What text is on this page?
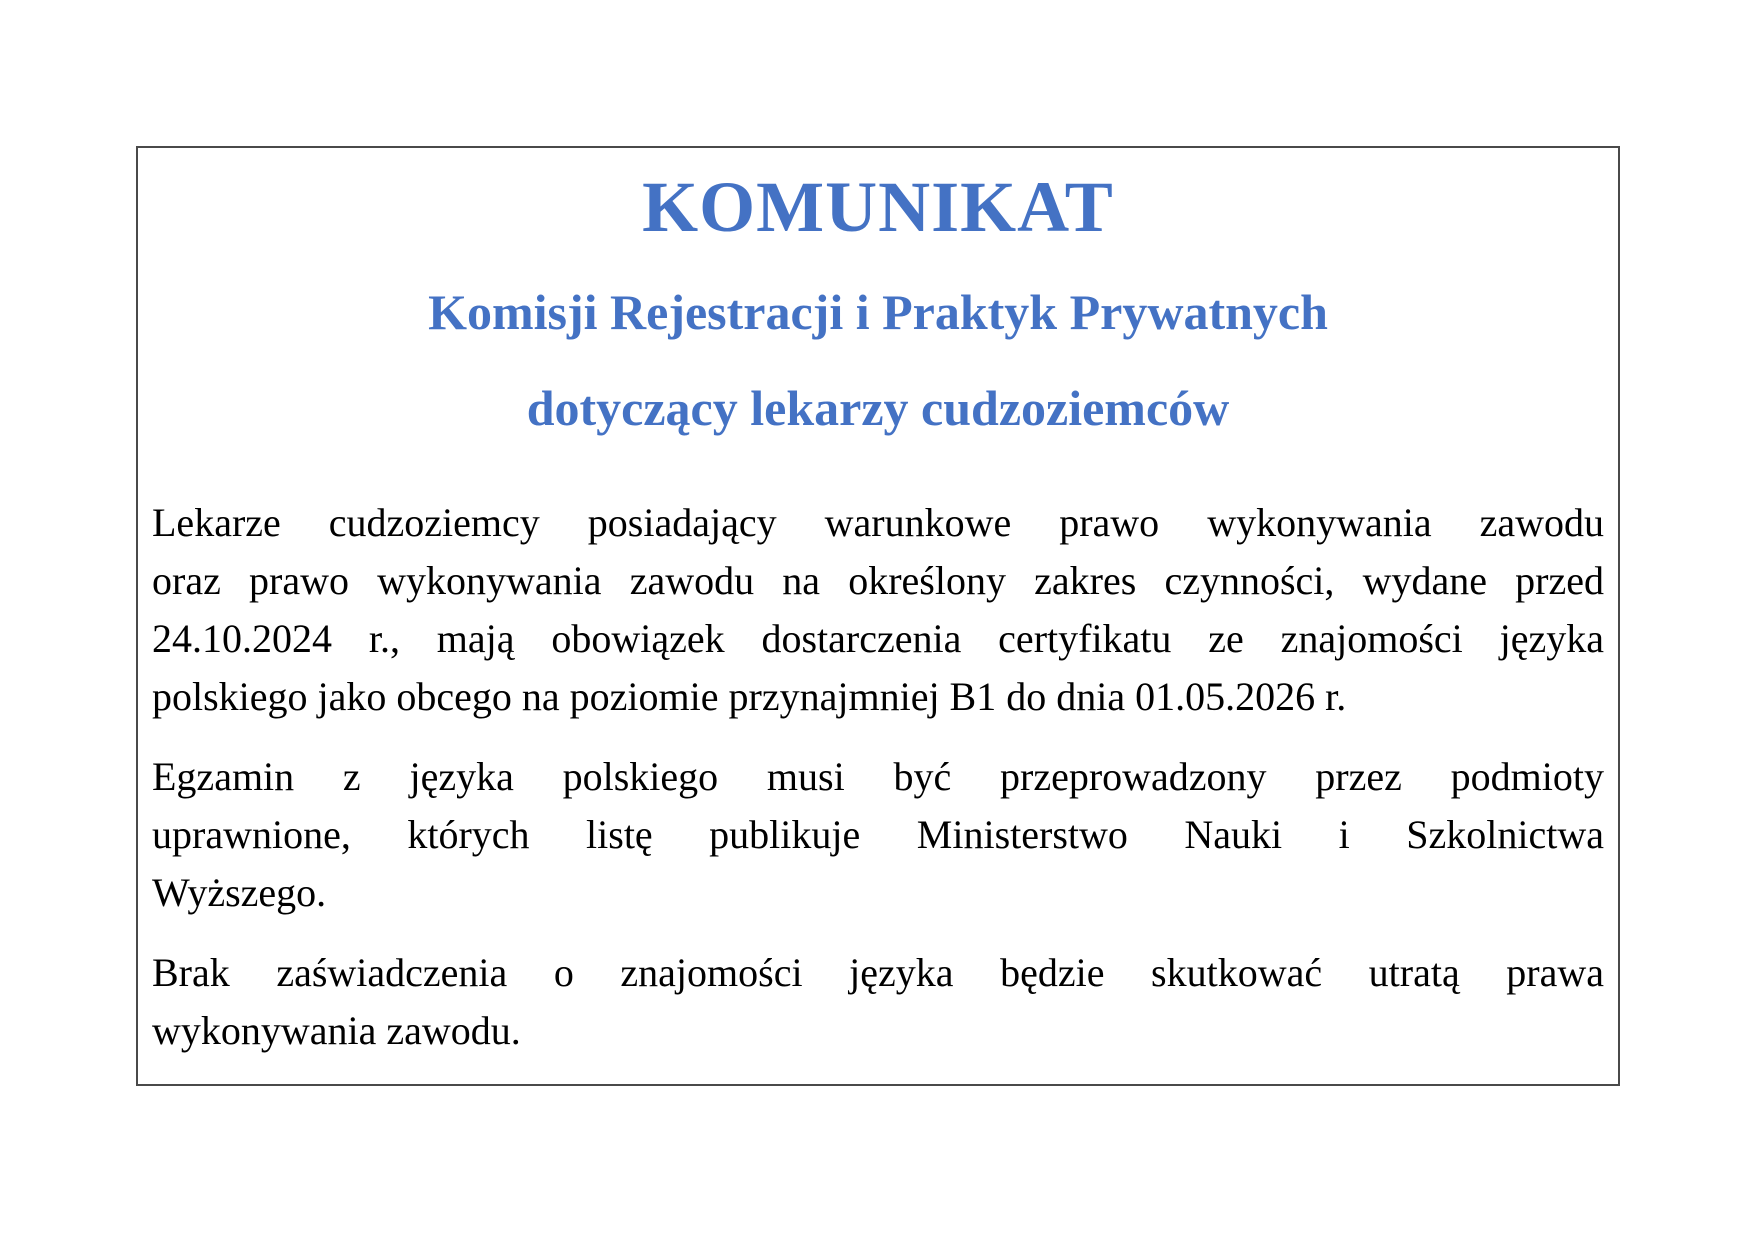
KOMUNIKAT
Komisji Rejestracji i Praktyk Prywatnych
dotyczący lekarzy cudzoziemców
Lekarze cudzoziemcy posiadający warunkowe prawo wykonywania zawodu
oraz prawo wykonywania zawodu na określony zakres czynności, wydane przed
24.10.2024 r., mają obowiązek dostarczenia certyfikatu ze znajomości języka
polskiego jako obcego na poziomie przynajmniej B1 do dnia 01.05.2026 r.
Egzamin z języka polskiego musi być przeprowadzony przez podmioty
uprawnione, których listę publikuje Ministerstwo Nauki i Szkolnictwa
Wyższego.
Brak zaświadczenia o znajomości języka będzie skutkować utratą prawa
wykonywania zawodu.
